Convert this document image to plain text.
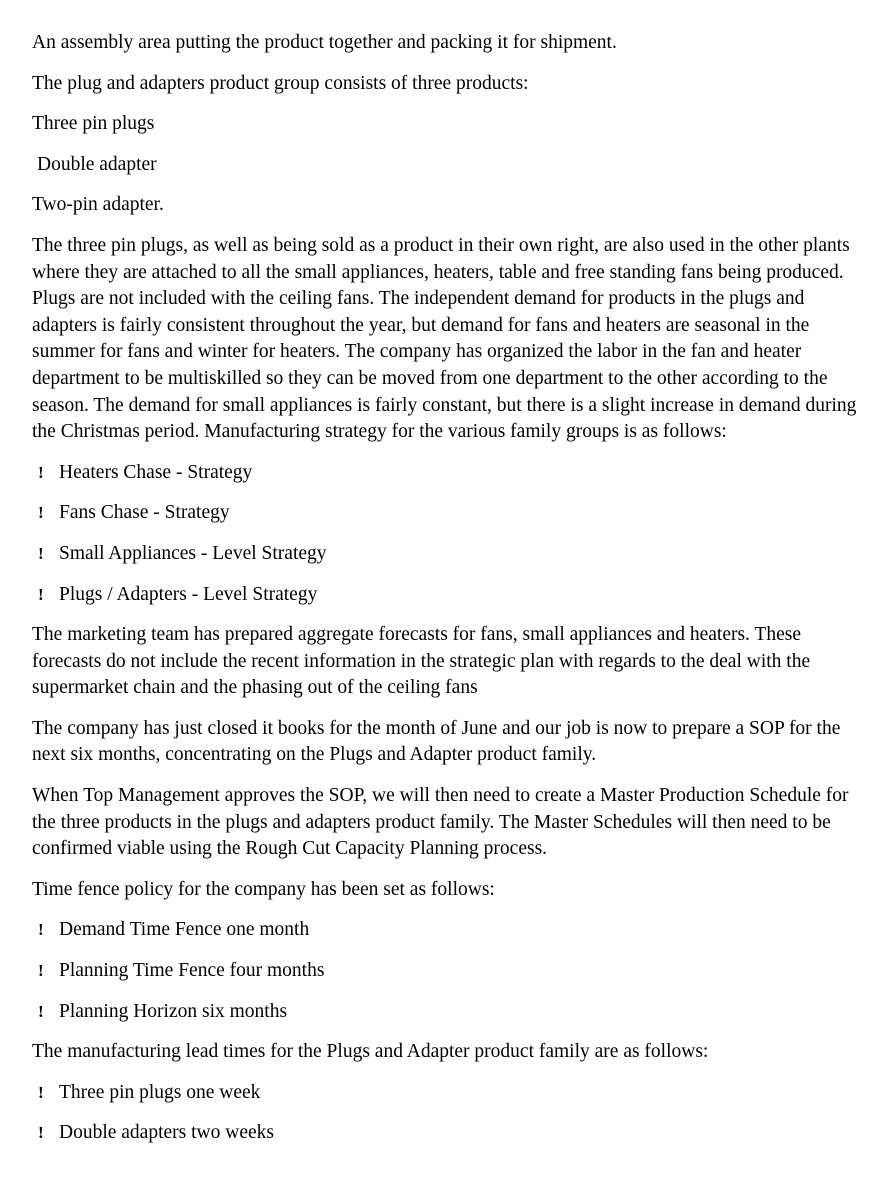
An assembly area putting the product together and packing it for shipment.

The plug and adapters product group consists of three products:

Three pin plugs

Double adapter

Two-pin adapter.

The three pin plugs, as well as being sold as a product in their own right, are also used in the other plants where they are attached to all the small appliances, heaters, table and free standing fans being produced. Plugs are not included with the ceiling fans. The independent demand for products in the plugs and adapters is fairly consistent throughout the year, but demand for fans and heaters are seasonal in the summer for fans and winter for heaters. The company has organized the labor in the fan and heater department to be multiskilled so they can be moved from one department to the other according to the season. The demand for small appliances is fairly constant, but there is a slight increase in demand during the Christmas period. Manufacturing strategy for the various family groups is as follows:

! Heaters Chase - Strategy
! Fans Chase - Strategy
! Small Appliances - Level Strategy
! Plugs / Adapters - Level Strategy

The marketing team has prepared aggregate forecasts for fans, small appliances and heaters. These forecasts do not include the recent information in the strategic plan with regards to the deal with the supermarket chain and the phasing out of the ceiling fans

The company has just closed it books for the month of June and our job is now to prepare a SOP for the next six months, concentrating on the Plugs and Adapter product family.

When Top Management approves the SOP, we will then need to create a Master Production Schedule for the three products in the plugs and adapters product family. The Master Schedules will then need to be confirmed viable using the Rough Cut Capacity Planning process.

Time fence policy for the company has been set as follows:

! Demand Time Fence one month
! Planning Time Fence four months
! Planning Horizon six months

The manufacturing lead times for the Plugs and Adapter product family are as follows:

! Three pin plugs one week
! Double adapters two weeks
